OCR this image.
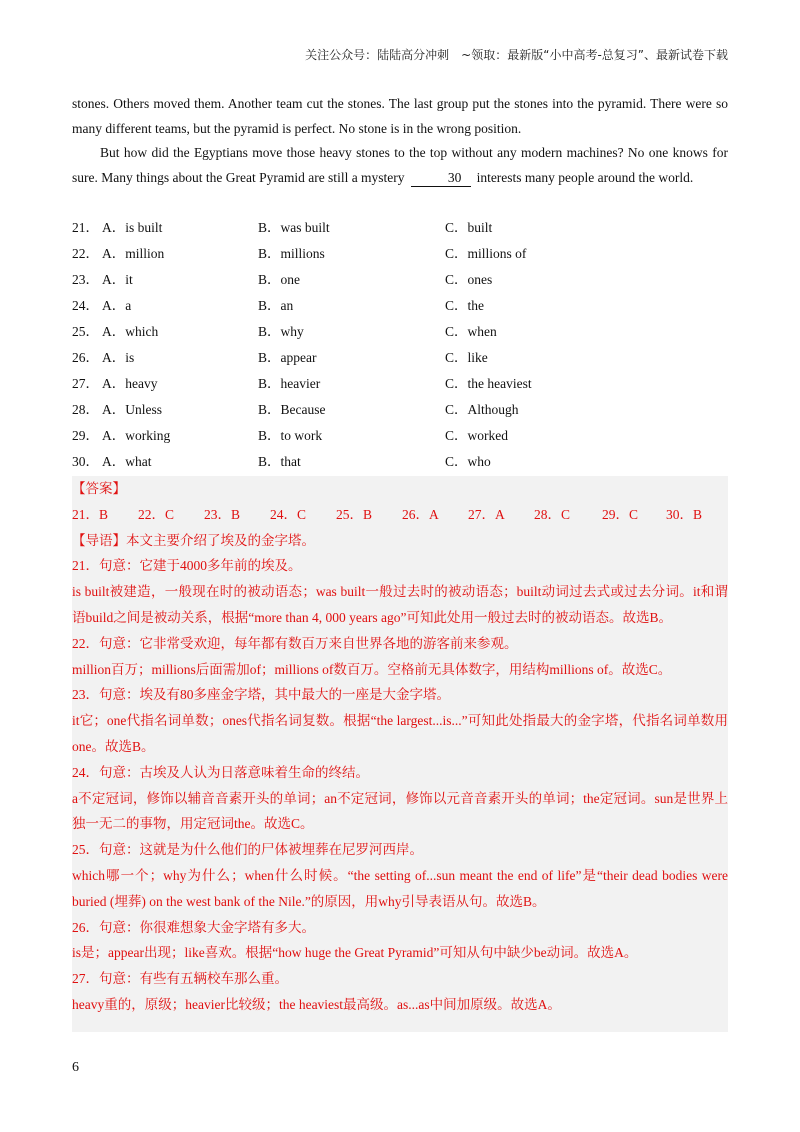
关注公众号：陆陆高分冲刺　~领取：最新版“小中高考-总复习”、最新试卷下载

stones. Others moved them. Another team cut the stones. The last group put the stones into the pyramid. There were so many different teams, but the pyramid is perfect. No stone is in the wrong position.

But how did the Egyptians move those heavy stones to the top without any modern machines? No one knows for sure. Many things about the Great Pyramid are still a mystery	30 interests many people around the world.

21． A．is built	B．was built	C．built
22． A．million	B．millions	C．millions of
23． A．it	B．one	C．ones
24． A．a	B．an	C．the
25． A．which	B．why	C．when
26． A．is	B．appear	C．like
27． A．heavy	B．heavier	C．the heaviest
28． A．Unless	B．Because	C．Although
29． A．working	B．to work	C．worked
30． A．what	B．that	C．who
【答案】
21．B 22．C 23．B 24．C 25．B 26．A 27．A 28．C 29．C 30．B
【导语】本文主要介绍了埃及的金字塔。
21．句意：它建于4000多年前的埃及。
is built被建造，一般现在时的被动语态；was built一般过去时的被动语态；built动词过去式或过去分词。it和谓语build之间是被动关系，根据“more than 4, 000 years ago”可知此处用一般过去时的被动语态。故选B。
22．句意：它非常受欢迎，每年都有数百万来自世界各地的游客前来参观。
million百万；millions后面需加of；millions of数百万。空格前无具体数字，用结构millions of。故选C。
23．句意：埃及有80多座金字塔，其中最大的一座是大金字塔。
it它；one代指名词单数；ones代指名词复数。根据“the largest...is...”可知此处指最大的金字塔，代指名词单数用one。故选B。
24．句意：古埃及人认为日落意味着生命的终结。
a不定冠词，修饰以辅音音素开头的单词；an不定冠词，修饰以元音音素开头的单词；the定冠词。sun是世界上独一无二的事物，用定冠词the。故选C。
25．句意：这就是为什么他们的尸体被埋葬在尼罗河西岸。
which哪一个；why为什么；when什么时候。“the setting of...sun meant the end of life”是“their dead bodies were buried (埋葬) on the west bank of the Nile.”的原因，用why引导表语从句。故选B。
26．句意：你很难想象大金字塔有多大。
is是；appear出现；like喜欢。根据“how huge the Great Pyramid”可知从句中缺少be动词。故选A。
27．句意：有些有五辆校车那么重。
heavy重的，原级；heavier比较级；the heaviest最高级。as...as中间加原级。故选A。
6
